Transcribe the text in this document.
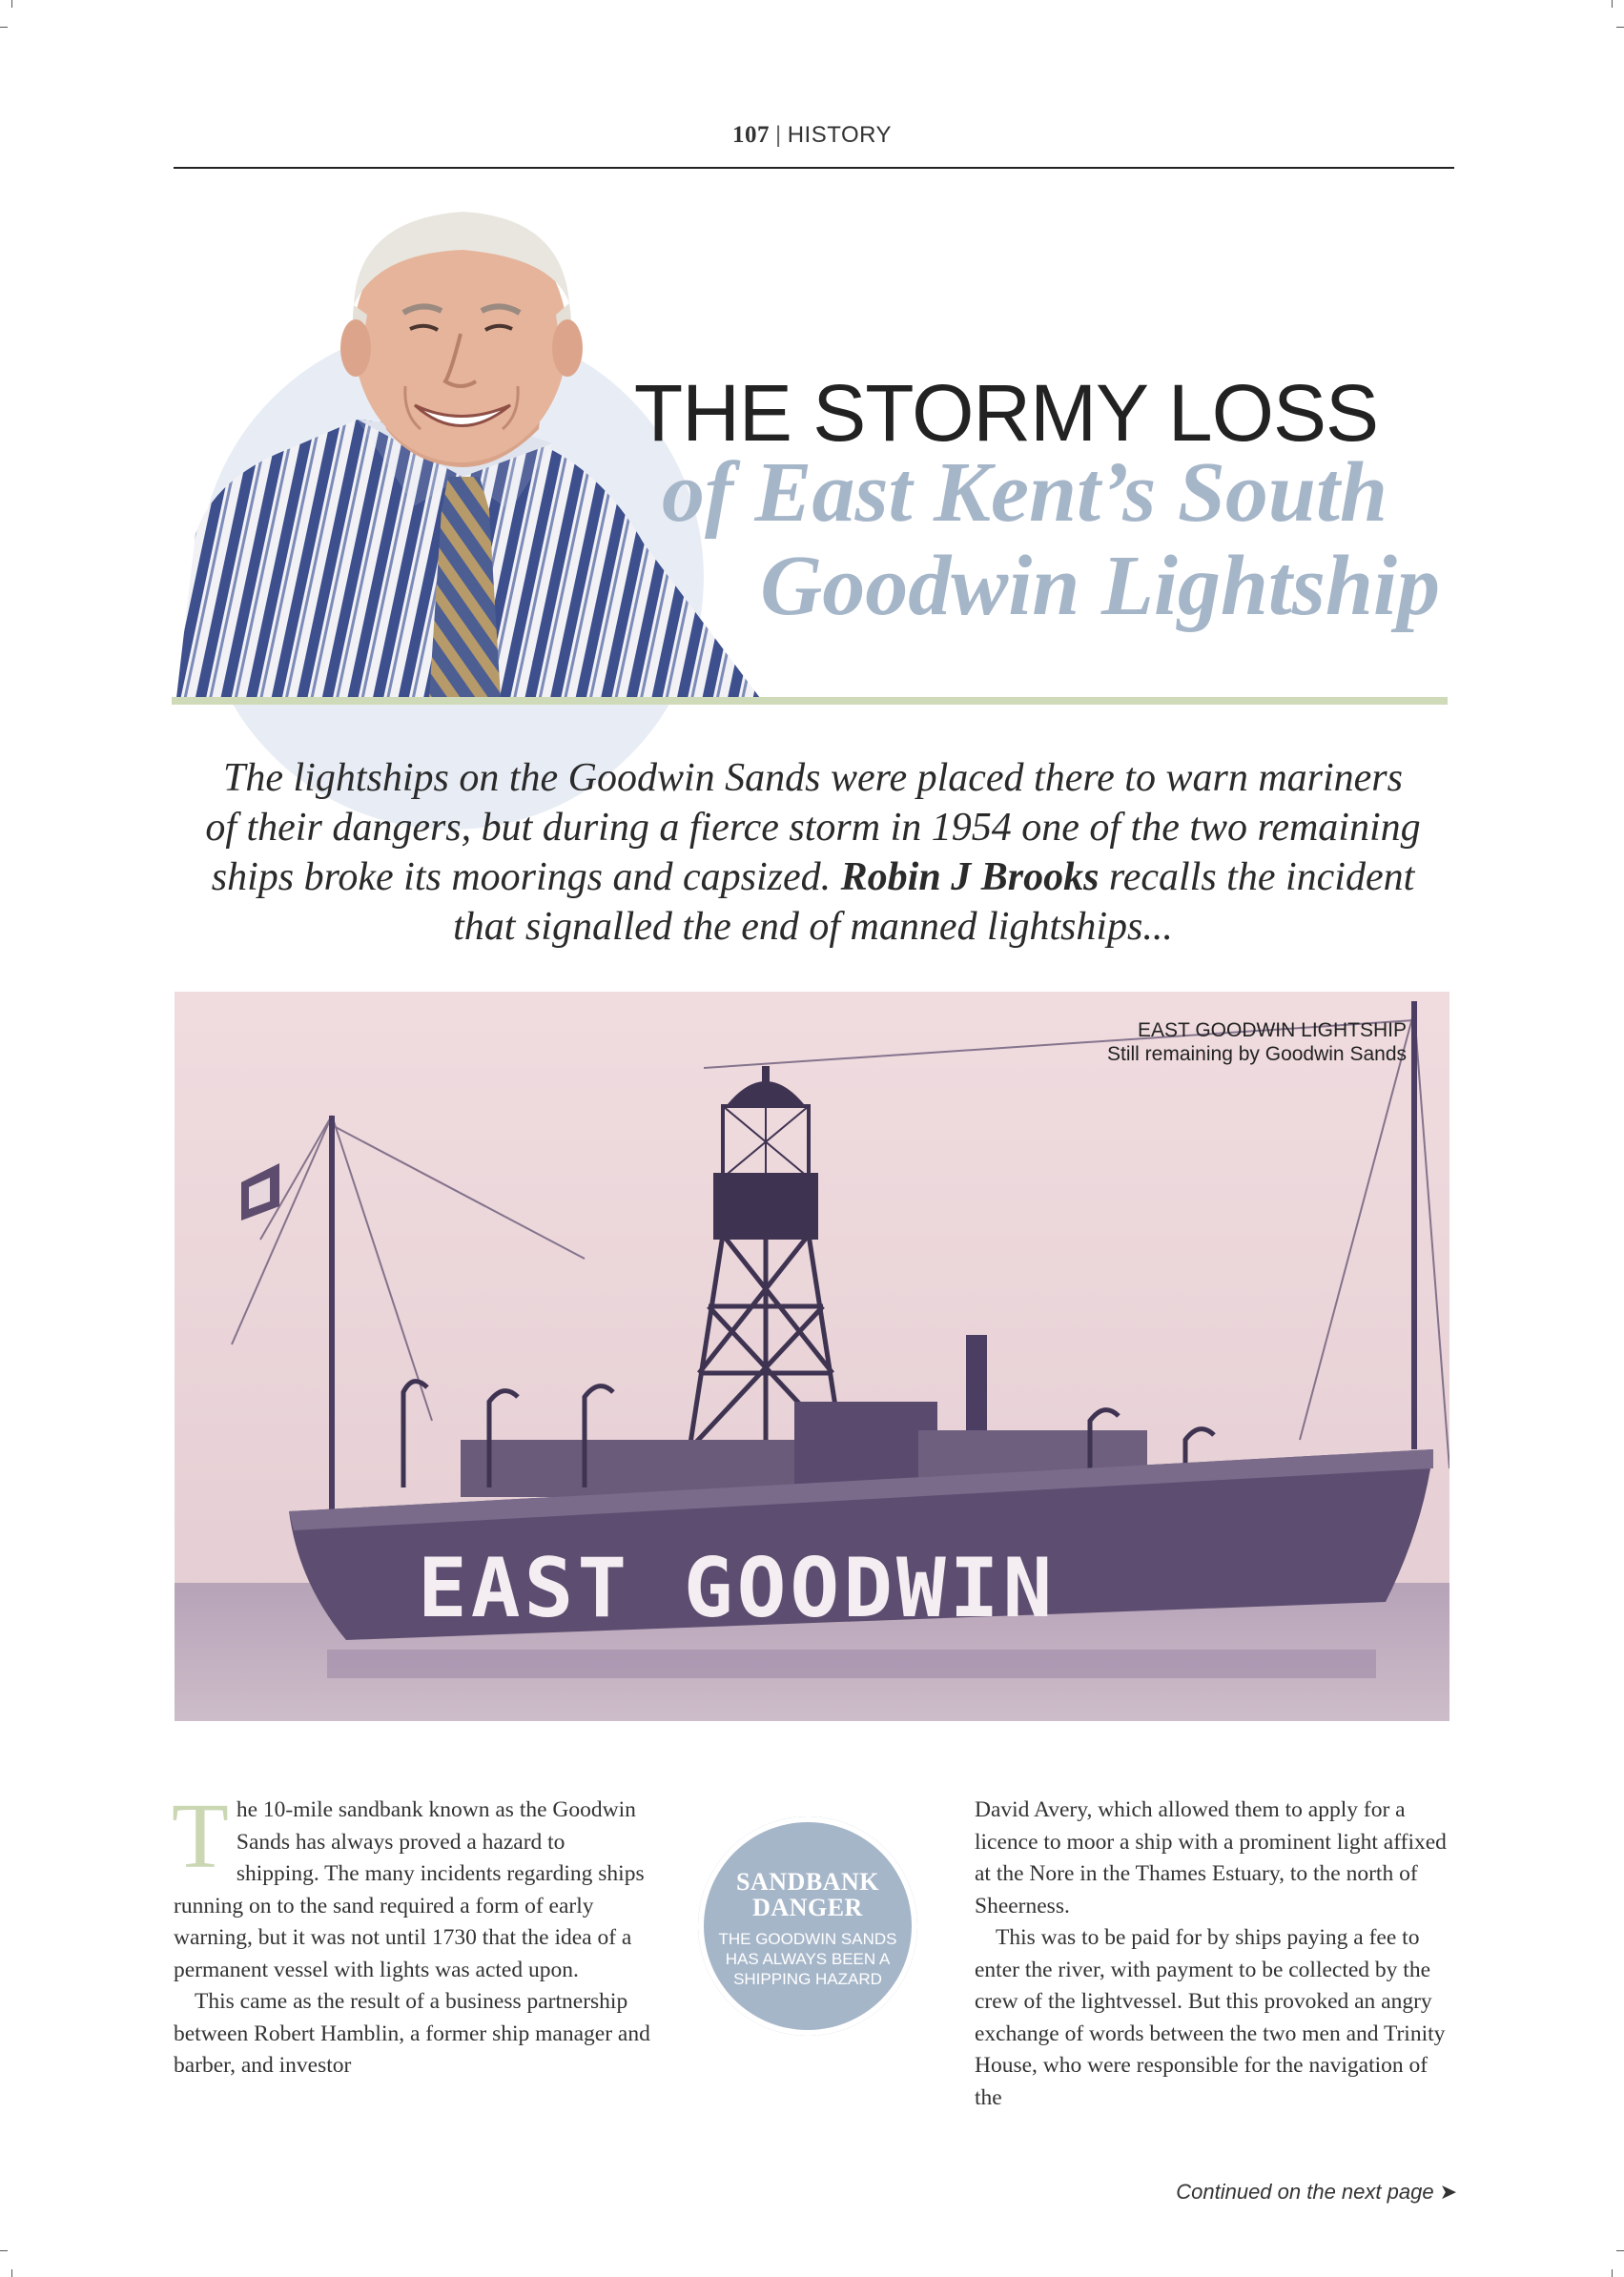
107 | HISTORY
THE STORMY LOSS
of East Kent’s South
Goodwin Lightship
The lightships on the Goodwin Sands were placed there to warn mariners of their dangers, but during a fierce storm in 1954 one of the two remaining ships broke its moorings and capsized. Robin J Brooks recalls the incident that signalled the end of manned lightships...
EAST GOODWIN
EAST GOODWIN LIGHTSHIP
Still remaining by Goodwin Sands

The 10-mile sandbank known as the Goodwin Sands has always proved a hazard to shipping. The many incidents regarding ships running on to the sand required a form of early warning, but it was not until 1730 that the idea of a permanent vessel with lights was acted upon.

This came as the result of a business partnership between Robert Hamblin, a former ship manager and barber, and investor

SANDBANK
DANGER
THE GOODWIN SANDS HAS ALWAYS BEEN A SHIPPING HAZARD

David Avery, which allowed them to apply for a licence to moor a ship with a prominent light affixed at the Nore in the Thames Estuary, to the north of Sheerness.

This was to be paid for by ships paying a fee to enter the river, with payment to be collected by the crew of the lightvessel. But this provoked an angry exchange of words between the two men and Trinity House, who were responsible for the navigation of the

Continued on the next page ➤
